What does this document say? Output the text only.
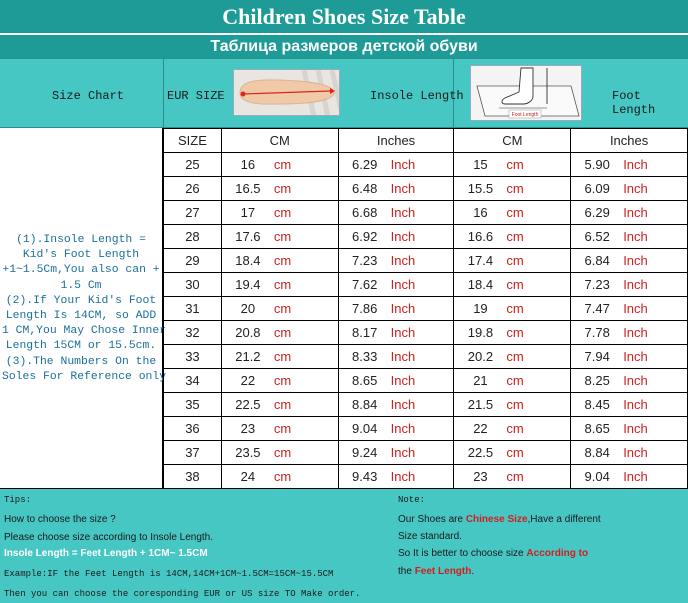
Children Shoes Size Table
Таблица размеров детской обуви
Size Chart	EUR SIZE	Insole Length	Foot Length
Foot Length
(1).Insole Length =
Kid's Foot Length
+1~1.5Cm,You also can +
1.5 Cm
(2).If Your Kid's Foot
Length Is 14CM, so ADD
1 CM,You May Chose Inner
Length 15CM or 15.5cm.
(3).The Numbers On the
Soles For Reference only
SIZE	CM	Inches	CM	Inches
25	16 cm	6.29 Inch	15 cm	5.90 Inch
26	16.5 cm	6.48 Inch	15.5 cm	6.09 Inch
27	17 cm	6.68 Inch	16 cm	6.29 Inch
28	17.6 cm	6.92 Inch	16.6 cm	6.52 Inch
29	18.4 cm	7.23 Inch	17.4 cm	6.84 Inch
30	19.4 cm	7.62 Inch	18.4 cm	7.23 Inch
31	20 cm	7.86 Inch	19 cm	7.47 Inch
32	20.8 cm	8.17 Inch	19.8 cm	7.78 Inch
33	21.2 cm	8.33 Inch	20.2 cm	7.94 Inch
34	22 cm	8.65 Inch	21 cm	8.25 Inch
35	22.5 cm	8.84 Inch	21.5 cm	8.45 Inch
36	23 cm	9.04 Inch	22 cm	8.65 Inch
37	23.5 cm	9.24 Inch	22.5 cm	8.84 Inch
38	24 cm	9.43 Inch	23 cm	9.04 Inch
Tips:
How to choose the size ?
Please choose size according to Insole Length.
Insole Length = Feet Length + 1CM~ 1.5CM
Example:IF the Feet Length is 14CM,14CM+1CM~1.5CM=15CM~15.5CM
Then you can choose the coresponding EUR or US size TO Make order.
Note:
Our Shoes are Chinese Size,Have a different
Size standard.
So It is better to choose size According to
the Feet Length.
